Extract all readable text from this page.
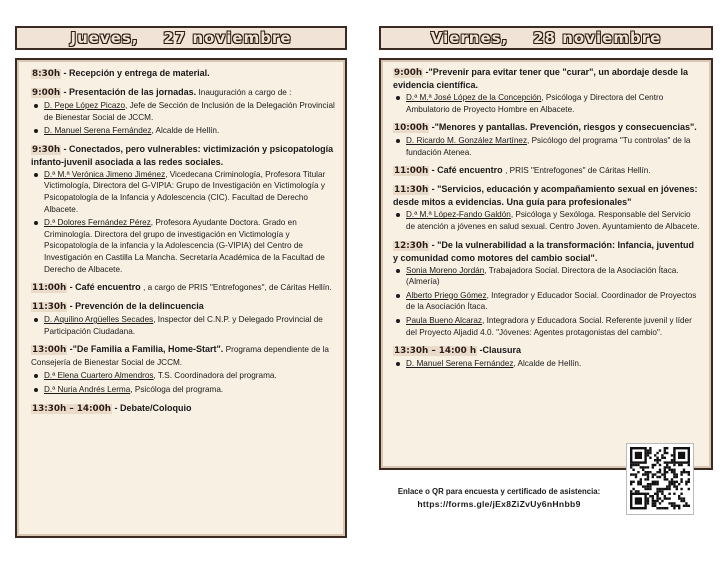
Jueves,
27 noviembre	Viernes,
28 noviembre
8:30h - Recepción y entrega de material.
9:00h - Presentación de las jornadas. Inauguración a cargo de :
D. Pepe López Picazo, Jefe de Sección de Inclusión de la Delegación Provincial de Bienestar Social de JCCM.
D. Manuel Serena Fernández, Alcalde de Hellín.
9:30h - Conectados, pero vulnerables: victimización y psicopatología infanto-juvenil asociada a las redes sociales.
D.ª M.ª Verónica Jimeno Jiménez, Vicedecana Criminología, Profesora Titular Victimología, Directora del G-VIPIA: Grupo de Investigación en Victimología y Psicopatología de la Infancia y Adolescencia (CIC). Facultad de Derecho Albacete.
D.ª Dolores Fernández Pérez, Profesora Ayudante Doctora. Grado en Criminología. Directora del grupo de investigación en Victimología y Psicopatología de la infancia y la Adolescencia (G-VIPIA) del Centro de Investigación en Castilla La Mancha. Secretaría Académica de la Facultad de Derecho de Albacete.
11:00h - Café encuentro , a cargo de PRIS "Entrefogones", de Cáritas Hellín.
11:30h - Prevención de la delincuencia
D. Aquilino Argüelles Secades, Inspector del C.N.P. y Delegado Provincial de Participación Ciudadana.
13:00h -"De Familia a Familia, Home-Start". Programa dependiente de la Consejería de Bienestar Social de JCCM.
D.ª Elena Cuartero Almendros, T.S. Coordinadora del programa.
D.ª Nuria Andrés Lerma, Psicóloga del programa.
13:30h – 14:00h - Debate/Coloquio
9:00h -"Prevenir para evitar tener que "curar", un abordaje desde la evidencia científica.
D.ª M.ª José López de la Concepción, Psicóloga y Directora del Centro Ambulatorio de Proyecto Hombre en Albacete.
10:00h -"Menores y pantallas. Prevención, riesgos y consecuencias".
D. Ricardo M. González Martínez, Psicólogo del programa "Tu controlas" de la fundación Atenea.
11:00h - Café encuentro , PRIS "Entrefogones" de Cáritas Hellín.
11:30h - "Servicios, educación y acompañamiento sexual en jóvenes: desde mitos a evidencias. Una guía para profesionales"
D.ª M.ª López-Fando Galdón, Psicóloga y Sexóloga. Responsable del Servicio de atención a jóvenes en salud sexual. Centro Joven. Ayuntamiento de Albacete.
12:30h - "De la vulnerabilidad a la transformación: Infancia, juventud y comunidad como motores del cambio social".
Sonia Moreno Jordán, Trabajadora Social. Directora de la Asociación Ítaca. (Almería)
Alberto Priego Gómez, Integrador y Educador Social. Coordinador de Proyectos de la Asociación Ítaca.
Paula Bueno Alcaraz, Integradora y Educadora Social. Referente juvenil y líder del Proyecto Aljadid 4.0. "Jóvenes: Agentes protagonistas del cambio".
13:30h – 14:00 h -Clausura
D. Manuel Serena Fernández, Alcalde de Hellín.
Enlace o QR para encuesta y certificado de asistencia:
https://forms.gle/jEx8ZiZvUy6nHnbb9
